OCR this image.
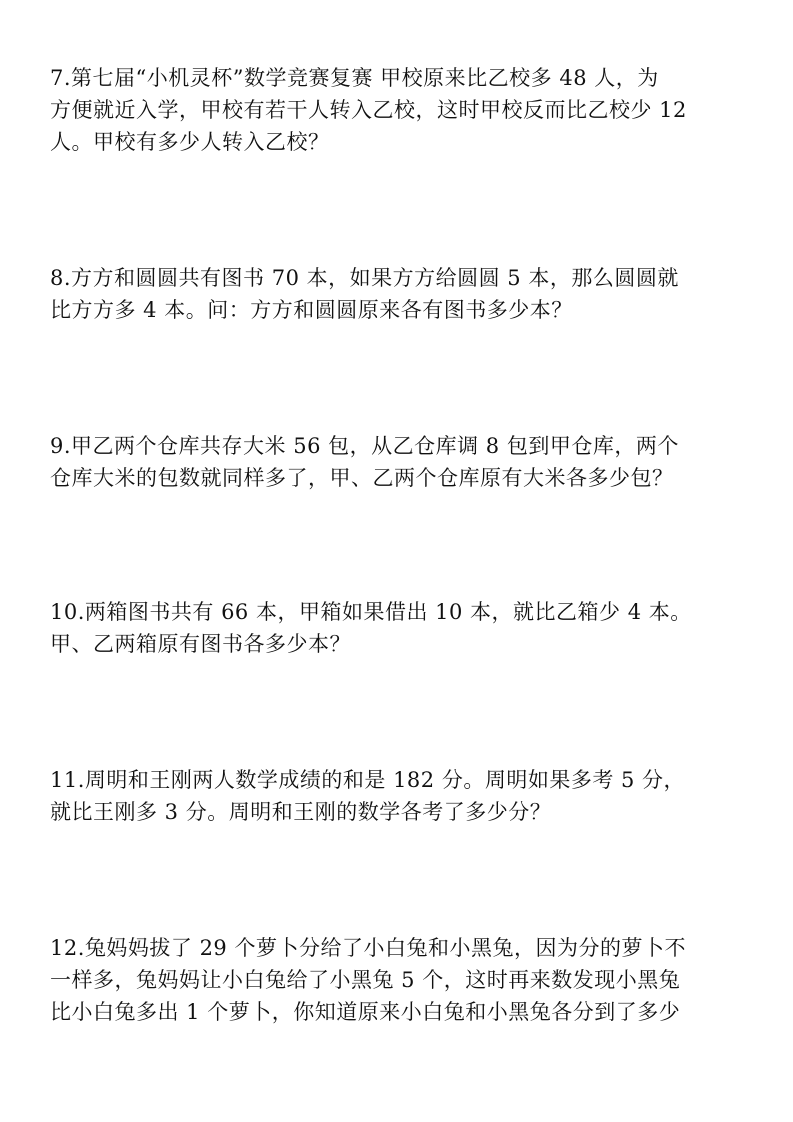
7.第七届“小机灵杯”数学竞赛复赛 甲校原来比乙校多 48 人，为
方便就近入学，甲校有若干人转入乙校，这时甲校反而比乙校少 12
人。甲校有多少人转入乙校？
8.方方和圆圆共有图书 70 本，如果方方给圆圆 5 本，那么圆圆就
比方方多 4 本。问：方方和圆圆原来各有图书多少本？
9.甲乙两个仓库共存大米 56 包，从乙仓库调 8 包到甲仓库，两个
仓库大米的包数就同样多了，甲、乙两个仓库原有大米各多少包？
10.两箱图书共有 66 本，甲箱如果借出 10 本，就比乙箱少 4 本。
甲、乙两箱原有图书各多少本？
11.周明和王刚两人数学成绩的和是 182 分。周明如果多考 5 分，
就比王刚多 3 分。周明和王刚的数学各考了多少分？
12.兔妈妈拔了 29 个萝卜分给了小白兔和小黑兔，因为分的萝卜不
一样多，兔妈妈让小白兔给了小黑兔 5 个，这时再来数发现小黑兔
比小白兔多出 1 个萝卜，你知道原来小白兔和小黑兔各分到了多少
